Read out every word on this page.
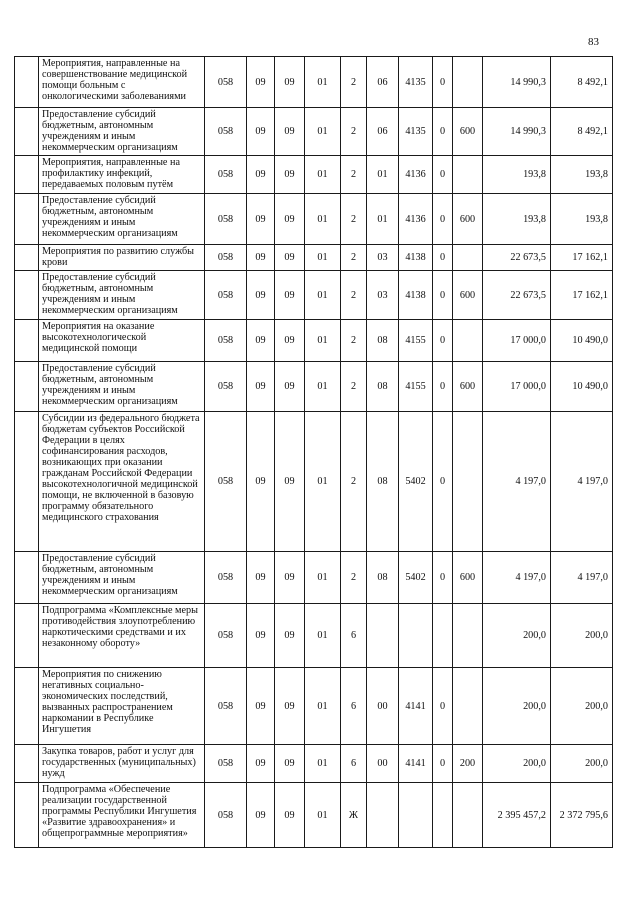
83
	Мероприятия, направленные на совершенствование медицинской помощи больным с онкологическими заболеваниями	058	09	09	01	2	06	4135	0		14 990,3	8 492,1
	Предоставление субсидий бюджетным, автономным учреждениям и иным некоммерческим организациям	058	09	09	01	2	06	4135	0	600	14 990,3	8 492,1
	Мероприятия, направленные на профилактику инфекций, передаваемых половым путём	058	09	09	01	2	01	4136	0		193,8	193,8
	Предоставление субсидий бюджетным, автономным учреждениям и иным некоммерческим организациям	058	09	09	01	2	01	4136	0	600	193,8	193,8
	Мероприятия по развитию службы крови	058	09	09	01	2	03	4138	0		22 673,5	17 162,1
	Предоставление субсидий бюджетным, автономным учреждениям и иным некоммерческим организациям	058	09	09	01	2	03	4138	0	600	22 673,5	17 162,1
	Мероприятия на оказание высокотехнологической медицинской помощи	058	09	09	01	2	08	4155	0		17 000,0	10 490,0
	Предоставление субсидий бюджетным, автономным учреждениям и иным некоммерческим организациям	058	09	09	01	2	08	4155	0	600	17 000,0	10 490,0
	Субсидии из федерального бюджета бюджетам субъектов Российской Федерации в целях софинансирования расходов, возникающих при оказании гражданам Российской Федерации высокотехнологичной медицинской помощи, не включенной в базовую программу обязательного медицинского страхования	058	09	09	01	2	08	5402	0		4 197,0	4 197,0
	Предоставление субсидий бюджетным, автономным учреждениям и иным некоммерческим организациям	058	09	09	01	2	08	5402	0	600	4 197,0	4 197,0
	Подпрограмма «Комплексные меры противодействия злоупотреблению наркотическими средствами и их незаконному обороту»	058	09	09	01	6					200,0	200,0
	Мероприятия по снижению негативных социально-экономических последствий, вызванных распространением наркомании в Республике Ингушетия	058	09	09	01	6	00	4141	0		200,0	200,0
	Закупка товаров, работ и услуг для государственных (муниципальных) нужд	058	09	09	01	6	00	4141	0	200	200,0	200,0
	Подпрограмма «Обеспечение реализации государственной программы Республики Ингушетия «Развитие здравоохранения» и общепрограммные мероприятия»	058	09	09	01	Ж					2 395 457,2	2 372 795,6
